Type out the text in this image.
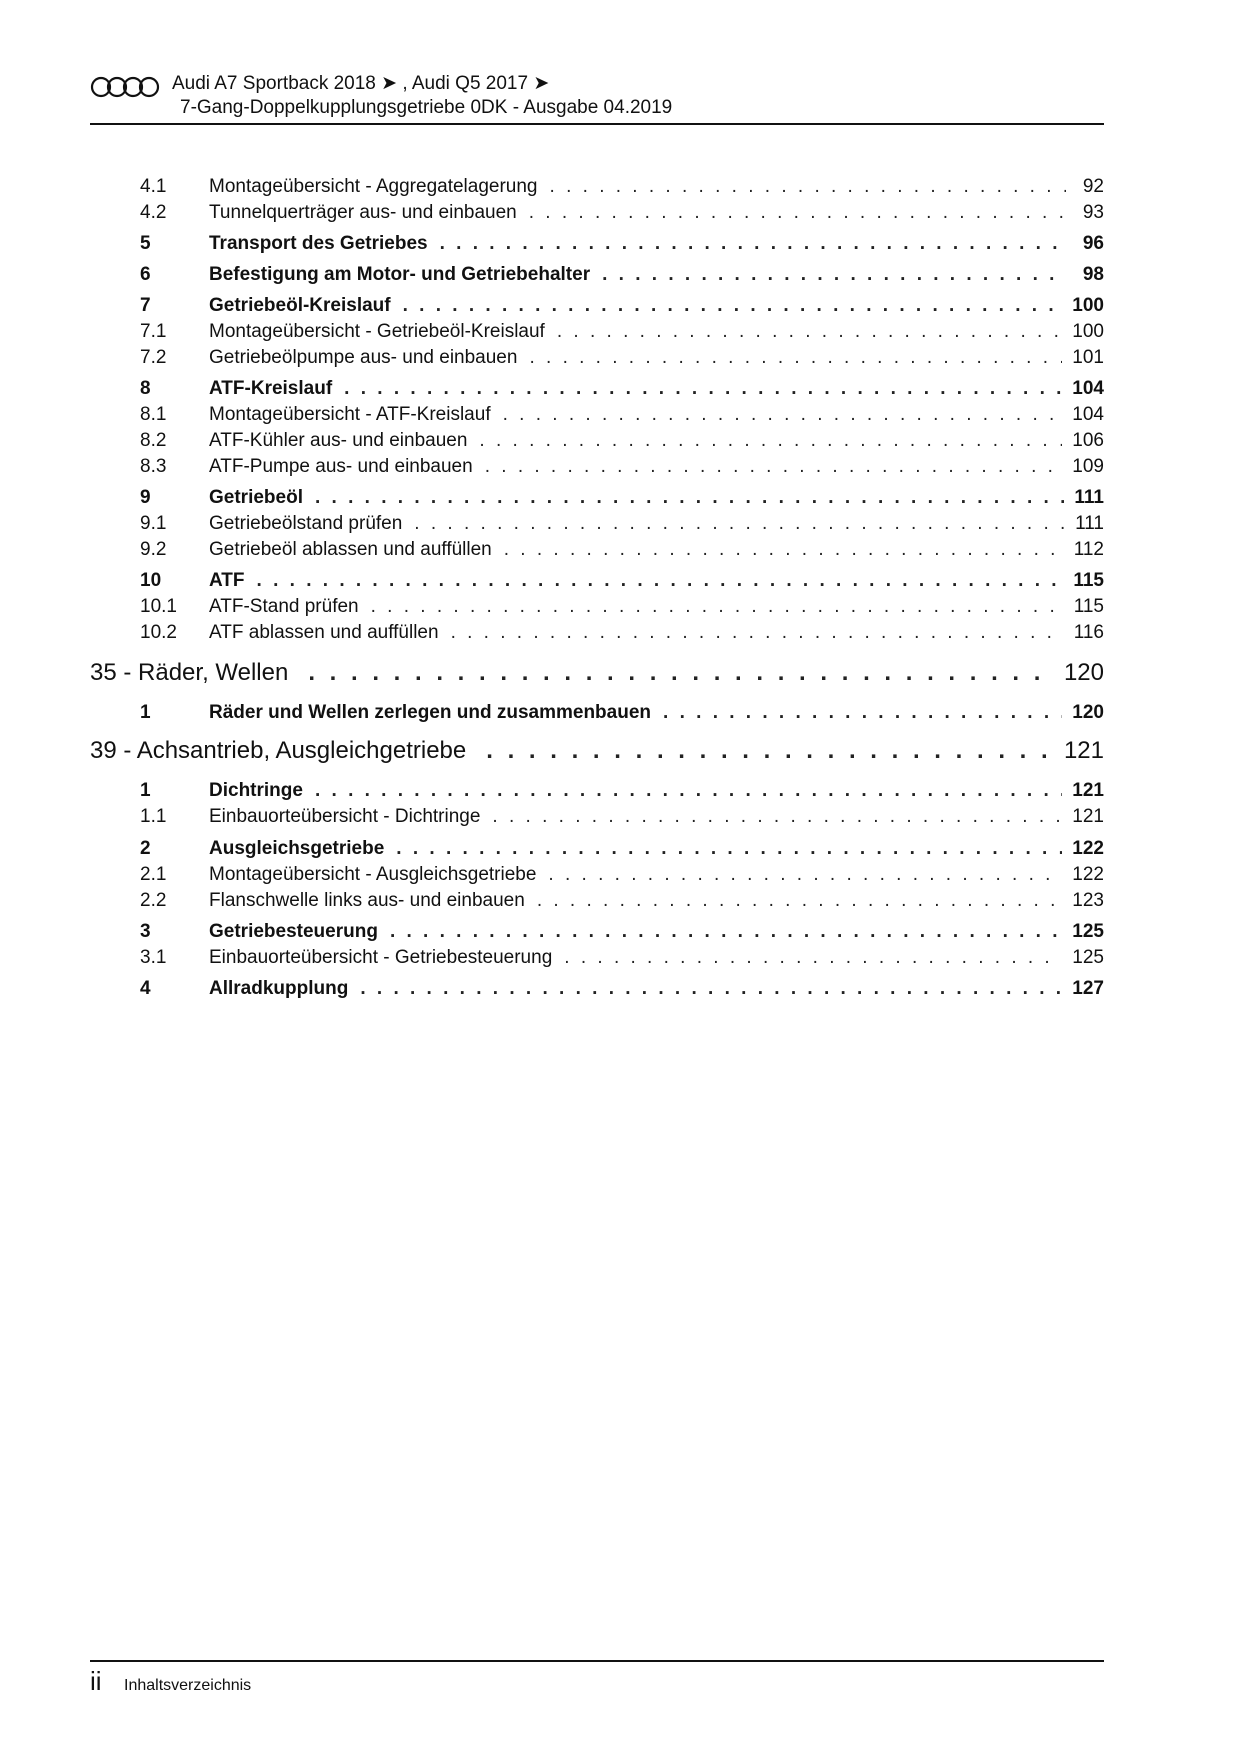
Audi A7 Sportback 2018 ➤ , Audi Q5 2017 ➤
7-Gang-Doppelkupplungsgetriebe 0DK - Ausgabe 04.2019
4.1	Montageübersicht - Aggregatelagerung . . .	92
4.2	Tunnelquerträger aus- und einbauen . . .	93
5	Transport des Getriebes . . .	96
6	Befestigung am Motor- und Getriebehalter . . .	98
7	Getriebeöl-Kreislauf . . .	100
7.1	Montageübersicht - Getriebeöl-Kreislauf . . .	100
7.2	Getriebeölpumpe aus- und einbauen . . .	101
8	ATF-Kreislauf . . .	104
8.1	Montageübersicht - ATF-Kreislauf . . .	104
8.2	ATF-Kühler aus- und einbauen . . .	106
8.3	ATF-Pumpe aus- und einbauen . . .	109
9	Getriebeöl . . .	111
9.1	Getriebeölstand prüfen . . .	111
9.2	Getriebeöl ablassen und auffüllen . . .	112
10	ATF . . .	115
10.1	ATF-Stand prüfen . . .	115
10.2	ATF ablassen und auffüllen . . .	116
35 - Räder, Wellen . . .	120
1	Räder und Wellen zerlegen und zusammenbauen . . .	120
39 - Achsantrieb, Ausgleichgetriebe . . .	121
1	Dichtringe . . .	121
1.1	Einbauorteübersicht - Dichtringe . . .	121
2	Ausgleichsgetriebe . . .	122
2.1	Montageübersicht - Ausgleichsgetriebe . . .	122
2.2	Flanschwelle links aus- und einbauen . . .	123
3	Getriebesteuerung . . .	125
3.1	Einbauorteübersicht - Getriebesteuerung . . .	125
4	Allradkupplung . . .	127
ii Inhaltsverzeichnis
